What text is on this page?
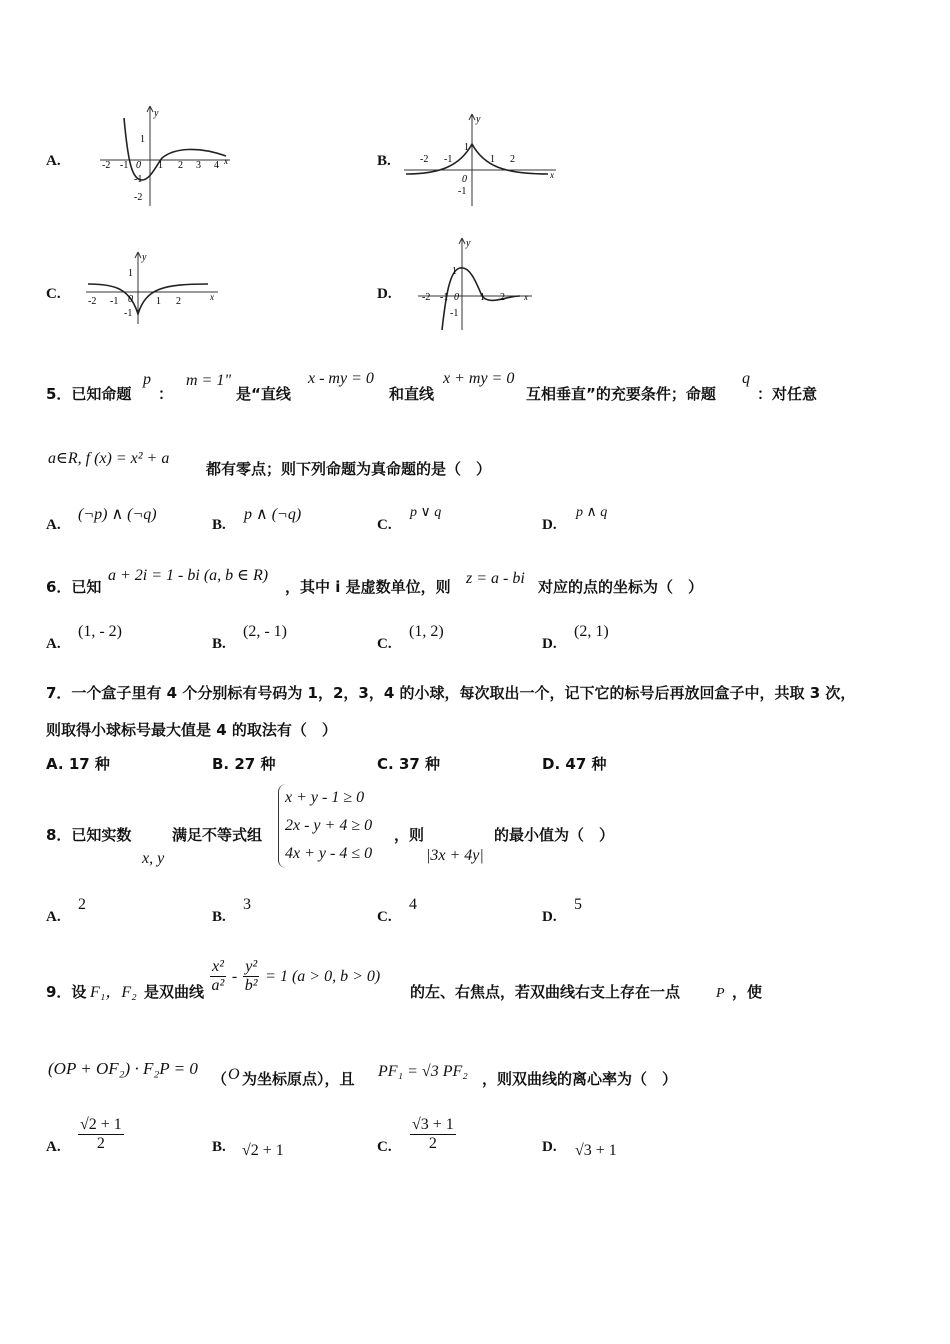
A.	-2 -1 0 1 2 3 4 x
y
1
-1
-2
B.	-2 -1
0
1 2
x
y
1
-1
C.	-2 -1 0 1 2	x
y
1
-1
D.	-2 -1 0 1 2 x
y
1
-1
5．已知命题
p
：
m = 1"
是“直线
x - my = 0
和直线
x + my = 0
互相垂直”的充要条件；命题
q
：对任意
a∈R, f (x) = x² + a
都有零点；则下列命题为真命题的是（　）
A.
(¬p) ∧ (¬q)
B.
p ∧ (¬q)
C.
p ∨ q
D.
p ∧ q
6．已知
a + 2i = 1 - bi (a, b ∈ R)
，其中 i 是虚数单位，则 z = a - bi 对应的点的坐标为（　）
A.
(1, - 2)
B.
(2, - 1)
C.
(1, 2)
D.
(2, 1)
7．一个盒子里有 4 个分别标有号码为 1，2，3，4 的小球，每次取出一个，记下它的标号后再放回盒子中，共取 3 次，
则取得小球标号最大值是 4 的取法有（　）
A. 17 种	B. 27 种	C. 37 种	D. 47 种
8．已知实数
x, y
满足不等式组
x + y - 1 ≥ 0
2x - y + 4 ≥ 0
4x + y - 4 ≤ 0
，则
|3x + 4y|
的最小值为（　）
A.
2
B.
3
C.
4
D.
5
9．设 F₁，F₂ 是双曲线 $\frac{\text{x²}}{\text{a²}} - \frac{\text{y²}}{\text{b²}} = 1$ (a > 0, b > 0)
的左、右焦点，若双曲线右支上存在一点	P ，使
(OP + OF₂) · F₂P = 0
（ O 为坐标原点），且 PF₁ = √3 PF₂ ，则双曲线的离心率为（　）
A. $\frac{√2 + 1}{2}$	B. √2 + 1	C. $\frac{√3 + 1}{2}$	D. √3 + 1
